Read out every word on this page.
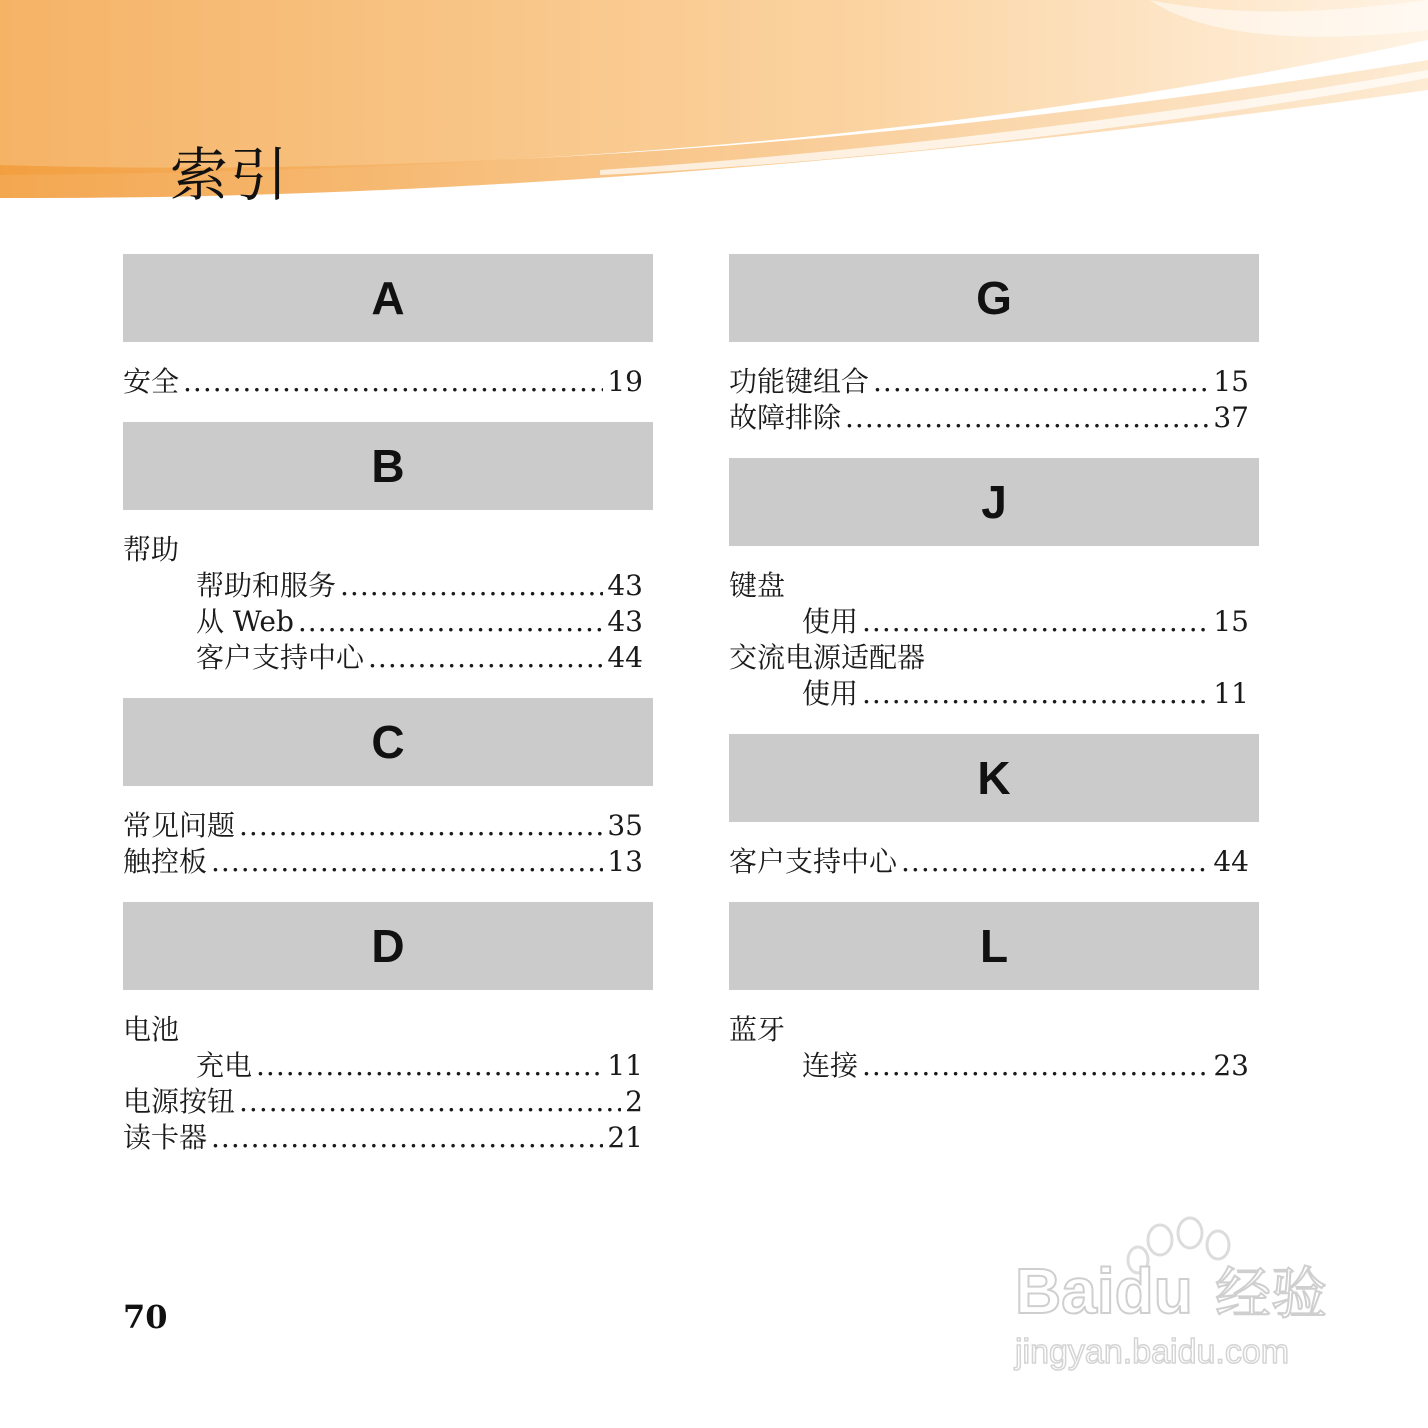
索引
A
安全 .....	19
B
帮助
帮助和服务 .....	43
从 Web .....	43
客户支持中心 .....	44
C
常见问题 .....	35
触控板 .....	13
D
电池
充电 .....	11
电源按钮 .....	2
读卡器 .....	21
G
功能键组合 .....	15
故障排除 .....	37
J
键盘
使用 .....	15
交流电源适配器
使用 .....	11
K
客户支持中心 .....	44
L
蓝牙
连接 .....	23
70	Baidu 经验
jingyan.baidu.com
